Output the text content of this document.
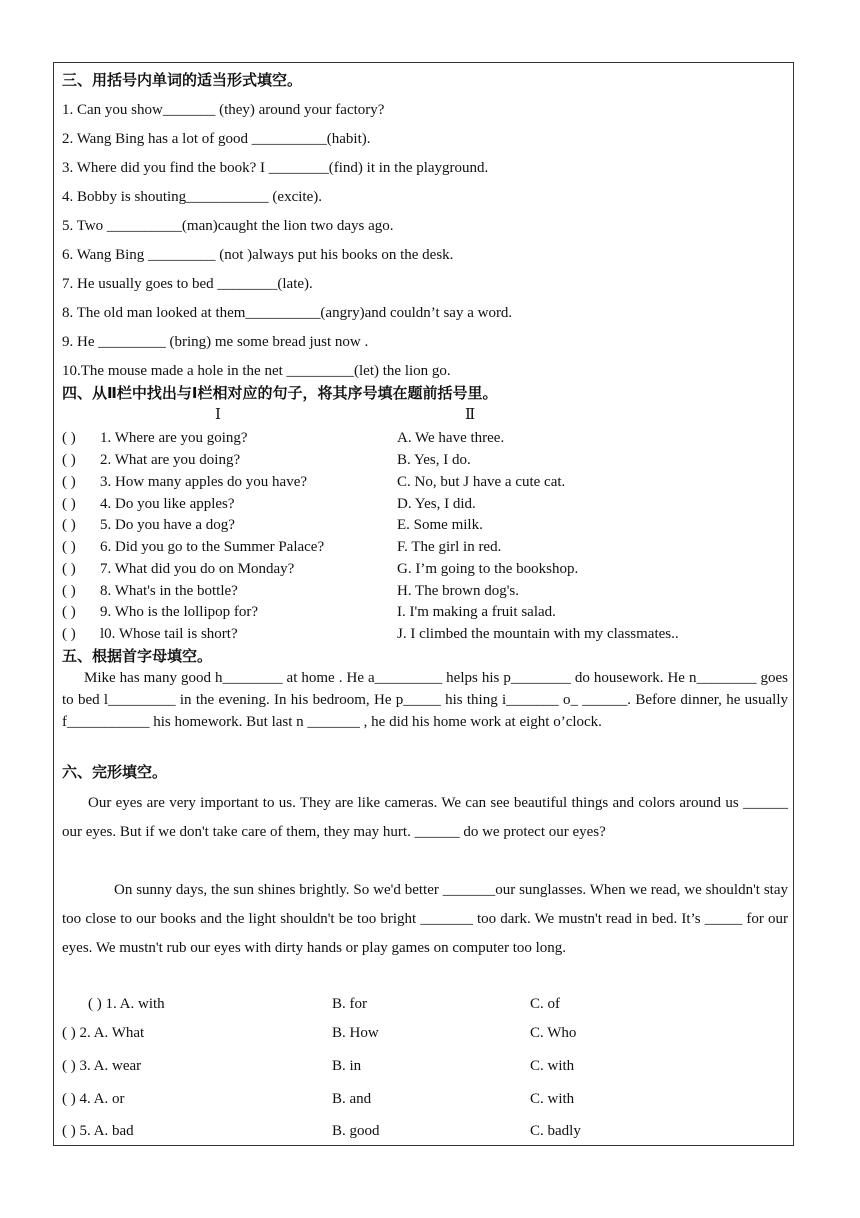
三、用括号内单词的适当形式填空。
1. Can you show_______ (they) around your factory?
2. Wang Bing has a lot of good __________(habit).
3. Where did you find the book? I ________(find) it in the playground.
4. Bobby is shouting___________ (excite).
5. Two __________(man)caught the lion two days ago.
6. Wang Bing _________ (not )always put his books on the desk.
7. He usually goes to bed ________(late).
8. The old man looked at them__________(angry)and couldn’t say a word.
9. He _________ (bring) me some bread just now .
10.The mouse made a hole in the net _________(let) the lion go.
四、从Ⅱ栏中找出与Ⅰ栏相对应的句子，将其序号填在题前括号里。
Ⅰ	Ⅱ
( ) 1. Where are you going?	A. We have three.
( ) 2. What are you doing?	B. Yes, I do.
( ) 3. How many apples do you have?	C. No, but J have a cute cat.
( ) 4. Do you like apples?	D. Yes, I did.
( ) 5. Do you have a dog?	E. Some milk.
( ) 6. Did you go to the Summer Palace?	F. The girl in red.
( ) 7. What did you do on Monday?	G. I’m going to the bookshop.
( ) 8. What's in the bottle?	H. The brown dog's.
( ) 9. Who is the lollipop for?	I. I'm making a fruit salad.
( ) l0. Whose tail is short?	J. I climbed the mountain with my classmates..
五、根据首字母填空。
Mike has many good h________ at home . He a_________ helps his p________ do housework. He n________ goes to bed l_________ in the evening. In his bedroom, He p_____ his thing i_______ o_ ______. Before dinner, he usually f___________ his homework. But last n _______ , he did his home work at eight o’clock.
六、完形填空。
Our eyes are very important to us. They are like cameras. We can see beautiful things and colors around us ______ our eyes. But if we don't take care of them, they may hurt. ______ do we protect our eyes?
On sunny days, the sun shines brightly. So we'd better _______our sunglasses. When we read, we shouldn't stay too close to our books and the light shouldn't be too bright _______ too dark. We mustn't read in bed. It’s _____ for our eyes. We mustn't rub our eyes with dirty hands or play games on computer too long.
( ) 1. A. with	B. for	C. of
( ) 2. A. What	B. How	C. Who
( ) 3. A. wear	B. in	C. with
( ) 4. A. or	B. and	C. with
( ) 5. A. bad	B. good	C. badly
